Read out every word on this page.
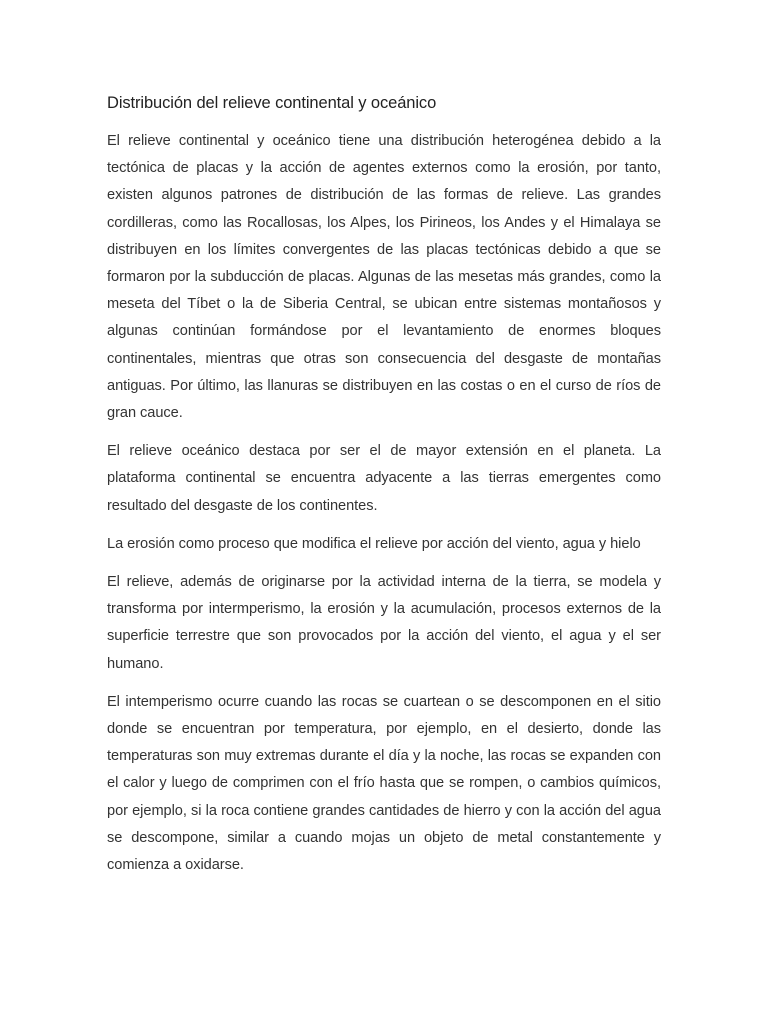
Distribución del relieve continental y oceánico

El relieve continental y oceánico tiene una distribución heterogénea debido a la tectónica de placas y la acción de agentes externos como la erosión, por tanto, existen algunos patrones de distribución de las formas de relieve. Las grandes cordilleras, como las Rocallosas, los Alpes, los Pirineos, los Andes y el Himalaya se distribuyen en los límites convergentes de las placas tectónicas debido a que se formaron por la subducción de placas. Algunas de las mesetas más grandes, como la meseta del Tíbet o la de Siberia Central, se ubican entre sistemas montañosos y algunas continúan formándose por el levantamiento de enormes bloques continentales, mientras que otras son consecuencia del desgaste de montañas antiguas. Por último, las llanuras se distribuyen en las costas o en el curso de ríos de gran cauce.

El relieve oceánico destaca por ser el de mayor extensión en el planeta. La plataforma continental se encuentra adyacente a las tierras emergentes como resultado del desgaste de los continentes.

La erosión como proceso que modifica el relieve por acción del viento, agua y hielo

El relieve, además de originarse por la actividad interna de la tierra, se modela y transforma por intermperismo, la erosión y la acumulación, procesos externos de la superficie terrestre que son provocados por la acción del viento, el agua y el ser humano.

El intemperismo ocurre cuando las rocas se cuartean o se descomponen en el sitio donde se encuentran por temperatura, por ejemplo, en el desierto, donde las temperaturas son muy extremas durante el día y la noche, las rocas se expanden con el calor y luego de comprimen con el frío hasta que se rompen, o cambios químicos, por ejemplo, si la roca contiene grandes cantidades de hierro y con la acción del agua se descompone, similar a cuando mojas un objeto de metal constantemente y comienza a oxidarse.
